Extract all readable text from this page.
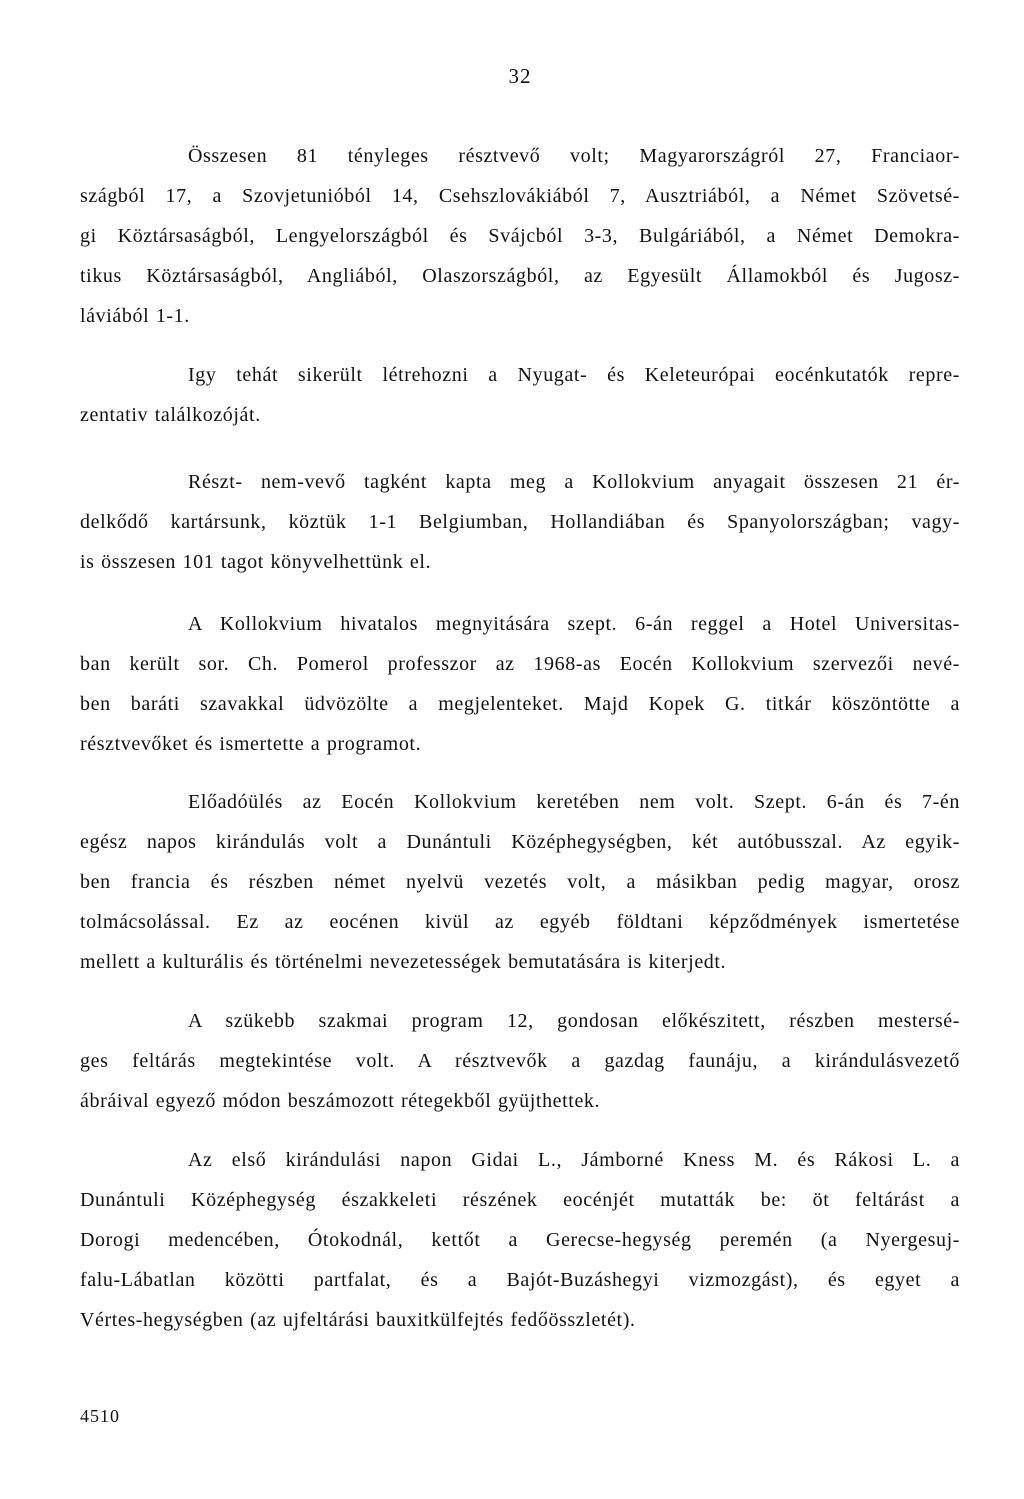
32

Összesen 81 tényleges résztvevő volt; Magyarországról 27, Franciaor-
szágból 17, a Szovjetunióból 14, Csehszlovákiából 7, Ausztriából, a Német Szövetsé-
gi Köztársaságból, Lengyelországból és Svájcból 3-3, Bulgáriából, a Német Demokra-
tikus Köztársaságból, Angliából, Olaszországból, az Egyesült Államokból és Jugosz-
láviából 1-1.

Igy tehát sikerült létrehozni a Nyugat- és Keleteurópai eocénkutatók repre-
zentativ találkozóját.

Részt- nem-vevő tagként kapta meg a Kollokvium anyagait összesen 21 ér-
delkődő kartársunk, köztük 1-1 Belgiumban, Hollandiában és Spanyolországban; vagy-
is összesen 101 tagot könyvelhettünk el.

A Kollokvium hivatalos megnyitására szept. 6-án reggel a Hotel Universitas-
ban került sor. Ch. Pomerol professzor az 1968-as Eocén Kollokvium szervezői nevé-
ben baráti szavakkal üdvözölte a megjelenteket. Majd Kopek G. titkár köszöntötte a
résztvevőket és ismertette a programot.

Előadóülés az Eocén Kollokvium keretében nem volt. Szept. 6-án és 7-én
egész napos kirándulás volt a Dunántuli Középhegységben, két autóbusszal. Az egyik-
ben francia és részben német nyelvü vezetés volt, a másikban pedig magyar, orosz
tolmácsolással. Ez az eocénen kivül az egyéb földtani képződmények ismertetése
mellett a kulturális és történelmi nevezetességek bemutatására is kiterjedt.

A szükebb szakmai program 12, gondosan előkészitett, részben mestersé-
ges feltárás megtekintése volt. A résztvevők a gazdag faunáju, a kirándulásvezető
ábráival egyező módon beszámozott rétegekből gyüjthettek.

Az első kirándulási napon Gidai L., Jámborné Kness M. és Rákosi L. a
Dunántuli Középhegység északkeleti részének eocénjét mutatták be: öt feltárást a
Dorogi medencében, Ótokodnál, kettőt a Gerecse-hegység peremén (a Nyergesuj-
falu-Lábatlan közötti partfalat, és a Bajót-Buzáshegyi vizmozgást), és egyet a
Vértes-hegységben (az ujfeltárási bauxitkülfejtés fedőösszletét).

4510
